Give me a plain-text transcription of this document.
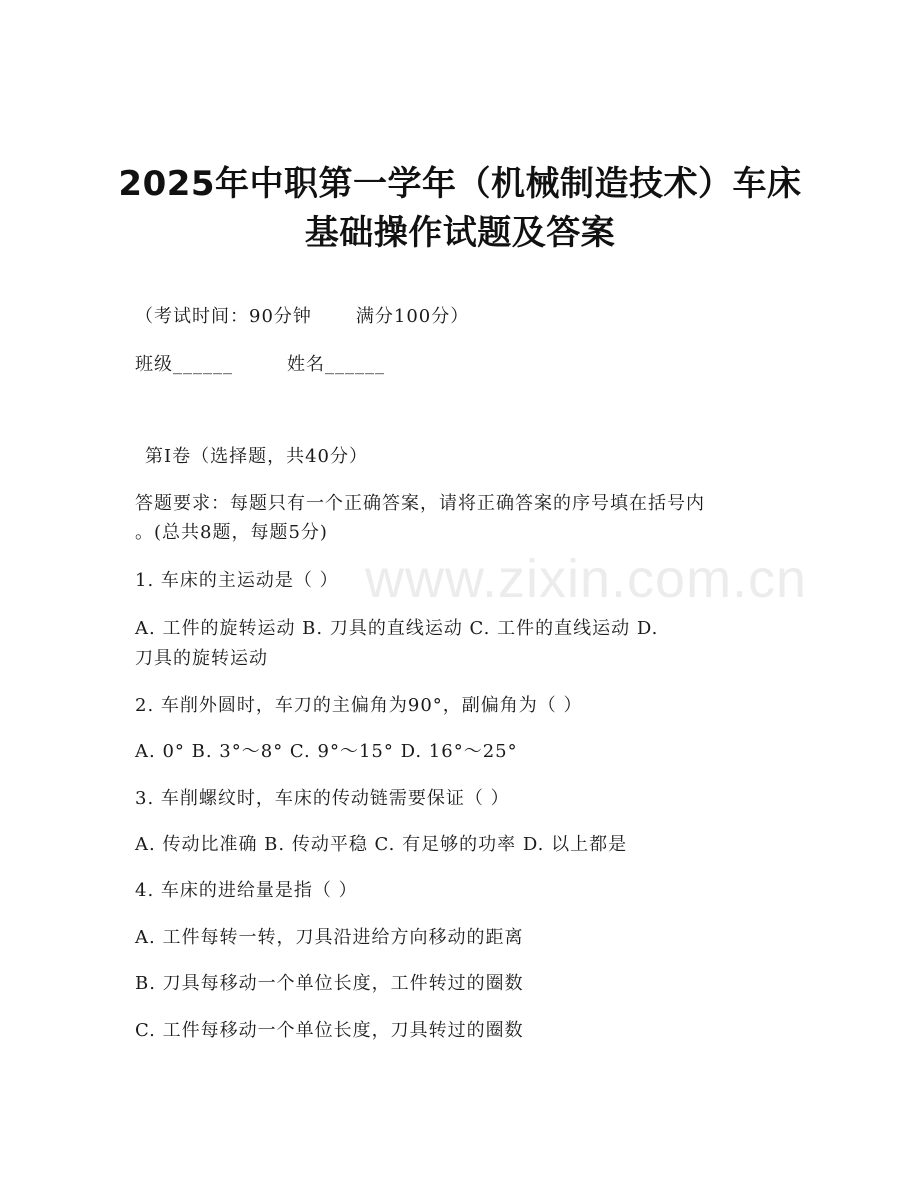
2025年中职第一学年（机械制造技术）车床
基础操作试题及答案
（考试时间：90分钟 满分100分）
班级______	姓名______
第Ⅰ卷（选择题，共40分）
答题要求：每题只有一个正确答案，请将正确答案的序号填在括号内
。(总共8题，每题5分)
1. 车床的主运动是（ ）
A. 工件的旋转运动 B. 刀具的直线运动 C. 工件的直线运动 D.
刀具的旋转运动
2. 车削外圆时，车刀的主偏角为90°，副偏角为（ ）
A. 0° B. 3°～8° C. 9°～15° D. 16°～25°
3. 车削螺纹时，车床的传动链需要保证（ ）
A. 传动比准确 B. 传动平稳 C. 有足够的功率 D. 以上都是
4. 车床的进给量是指（ ）
A. 工件每转一转，刀具沿进给方向移动的距离
B. 刀具每移动一个单位长度，工件转过的圈数
C. 工件每移动一个单位长度，刀具转过的圈数
www.zixin.com.cn
